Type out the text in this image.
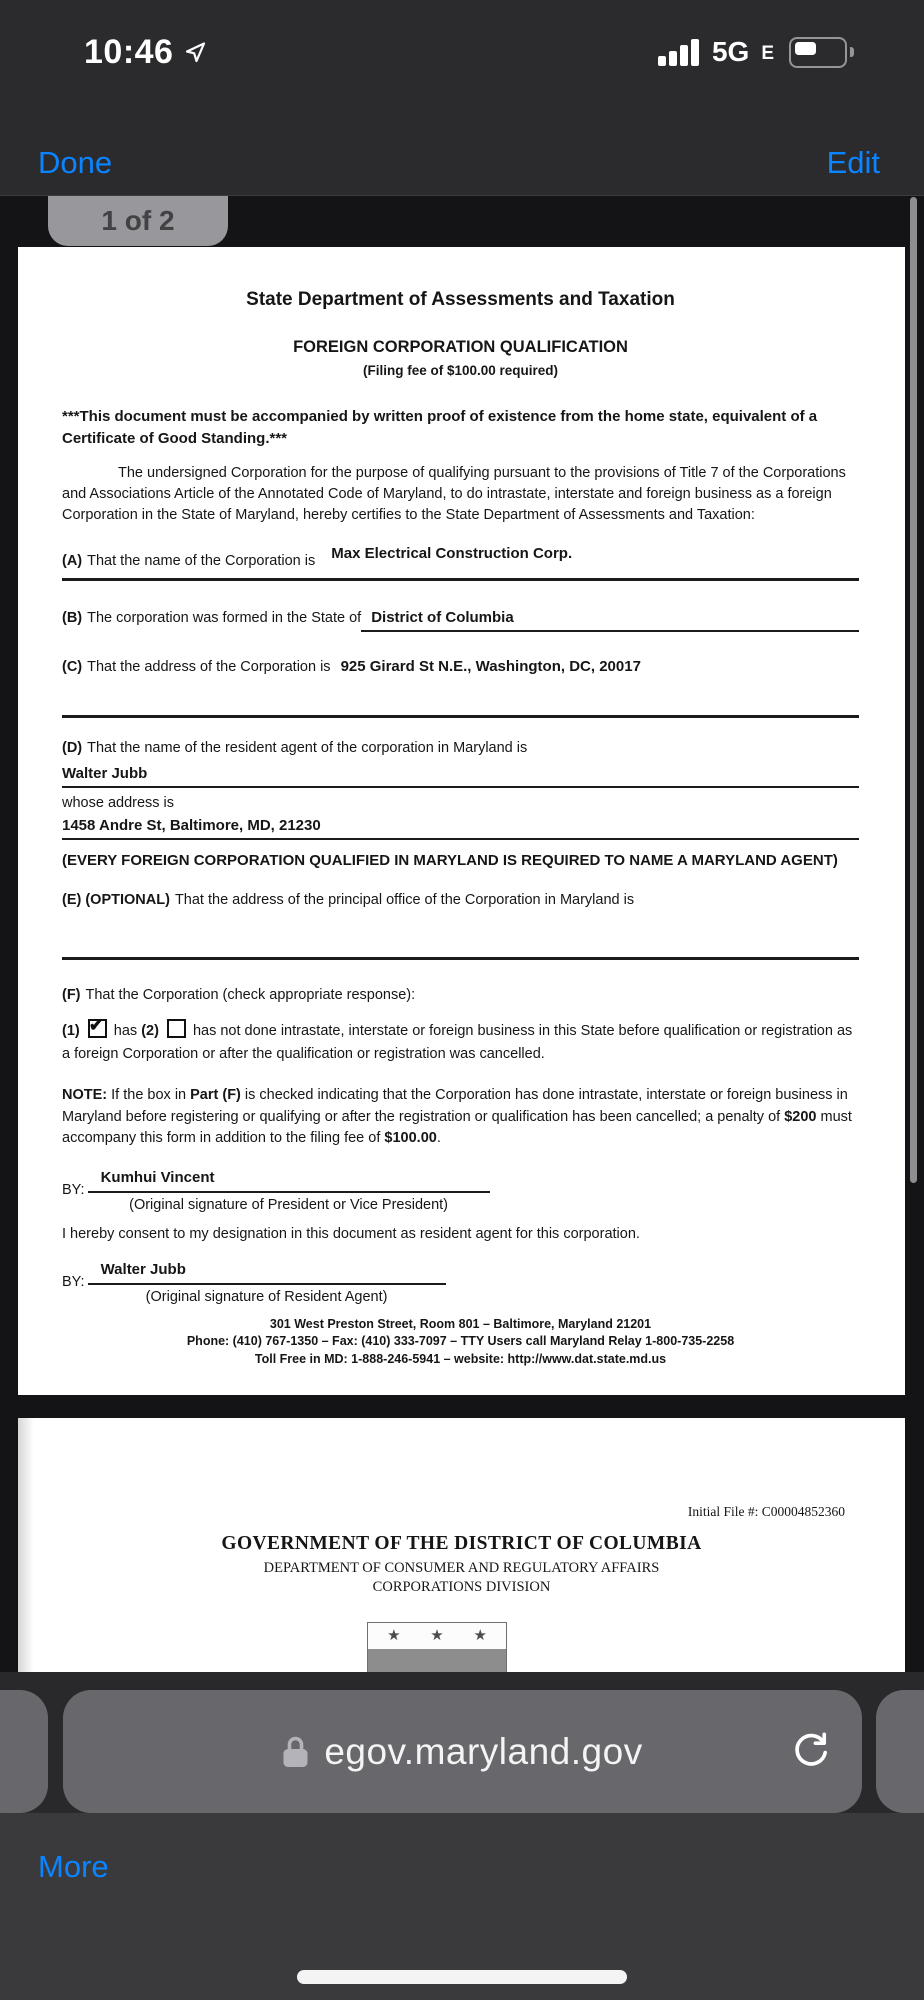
10:46	5G E
Done	Edit
1 of 2
State Department of Assessments and Taxation
FOREIGN CORPORATION QUALIFICATION
(Filing fee of $100.00 required)

***This document must be accompanied by written proof of existence from the home state, equivalent of a Certificate of Good Standing.***

The undersigned Corporation for the purpose of qualifying pursuant to the provisions of Title 7 of the Corporations and Associations Article of the Annotated Code of Maryland, to do intrastate, interstate and foreign business as a foreign Corporation in the State of Maryland, hereby certifies to the State Department of Assessments and Taxation:

(A) That the name of the Corporation is Max Electrical Construction Corp.
(B) The corporation was formed in the State of District of Columbia
(C) That the address of the Corporation is 925 Girard St N.E., Washington, DC, 20017

(D) That the name of the resident agent of the corporation in Maryland is

Walter Jubb

whose address is

1458 Andre St, Baltimore, MD, 21230

(EVERY FOREIGN CORPORATION QUALIFIED IN MARYLAND IS REQUIRED TO NAME A MARYLAND AGENT)

(E) (OPTIONAL) That the address of the principal office of the Corporation in Maryland is

(F) That the Corporation (check appropriate response):

(1) ✔ has (2) has not done intrastate, interstate or foreign business in this State before qualification or registration as a foreign Corporation or after the qualification or registration was cancelled.

NOTE: If the box in Part (F) is checked indicating that the Corporation has done intrastate, interstate or foreign business in Maryland before registering or qualifying or after the registration or qualification has been cancelled; a penalty of $200 must accompany this form in addition to the filing fee of $100.00.

BY:
Kumhui Vincent
(Original signature of President or Vice President)

I hereby consent to my designation in this document as resident agent for this corporation.

BY:
Walter Jubb
(Original signature of Resident Agent)
301 West Preston Street, Room 801 – Baltimore, Maryland 21201
Phone: (410) 767-1350 – Fax: (410) 333-7097 – TTY Users call Maryland Relay 1-800-735-2258
Toll Free in MD: 1-888-246-5941 – website: http://www.dat.state.md.us
Initial File #: C00004852360
GOVERNMENT OF THE DISTRICT OF COLUMBIA
DEPARTMENT OF CONSUMER AND REGULATORY AFFAIRS
CORPORATIONS DIVISION
★ ★ ★
egov.maryland.gov
More
